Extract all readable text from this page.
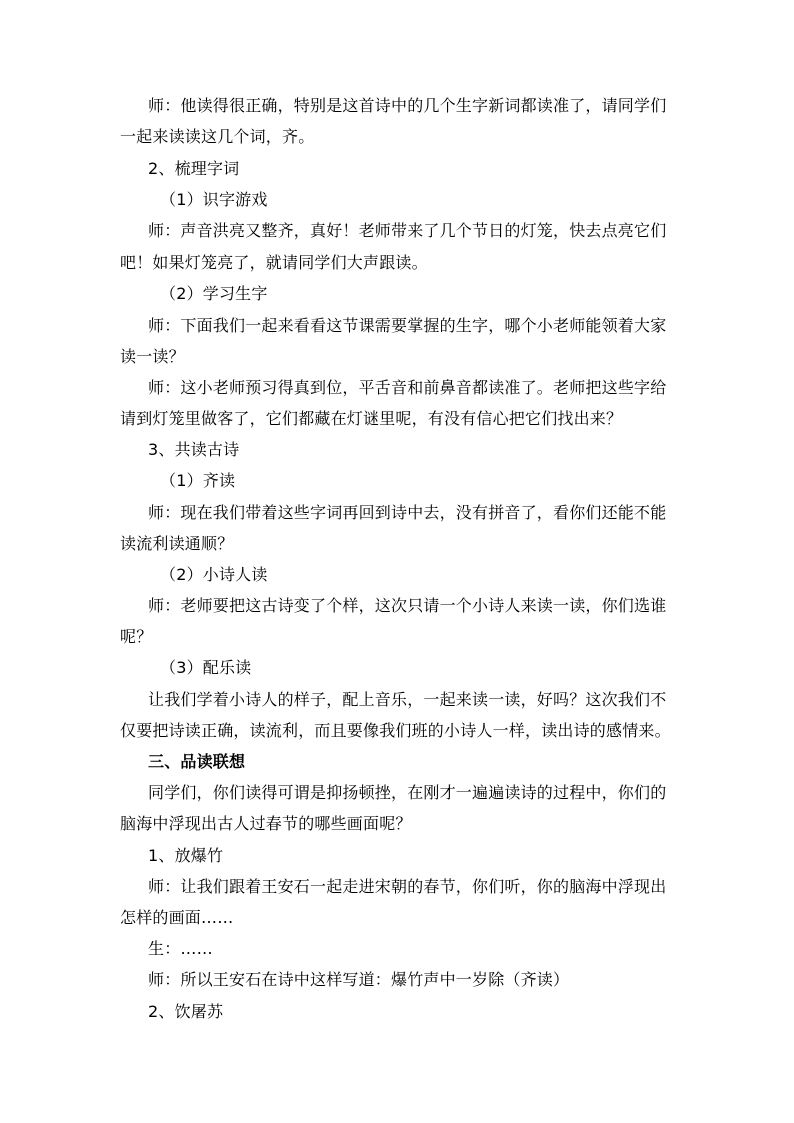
师：他读得很正确，特别是这首诗中的几个生字新词都读准了，请同学们
一起来读读这几个词，齐。
2、梳理字词
（1）识字游戏
师：声音洪亮又整齐，真好！老师带来了几个节日的灯笼，快去点亮它们
吧！如果灯笼亮了，就请同学们大声跟读。
（2）学习生字
师：下面我们一起来看看这节课需要掌握的生字，哪个小老师能领着大家
读一读？
师：这小老师预习得真到位，平舌音和前鼻音都读准了。老师把这些字给
请到灯笼里做客了，它们都藏在灯谜里呢，有没有信心把它们找出来？
3、共读古诗
（1）齐读
师：现在我们带着这些字词再回到诗中去，没有拼音了，看你们还能不能
读流利读通顺？
（2）小诗人读
师：老师要把这古诗变了个样，这次只请一个小诗人来读一读，你们选谁
呢？
（3）配乐读
让我们学着小诗人的样子，配上音乐，一起来读一读，好吗？这次我们不
仅要把诗读正确，读流利，而且要像我们班的小诗人一样，读出诗的感情来。
三、品读联想
同学们，你们读得可谓是抑扬顿挫，在刚才一遍遍读诗的过程中，你们的
脑海中浮现出古人过春节的哪些画面呢？
1、放爆竹
师：让我们跟着王安石一起走进宋朝的春节，你们听，你的脑海中浮现出
怎样的画面……
生：……
师：所以王安石在诗中这样写道：爆竹声中一岁除（齐读）
2、饮屠苏
